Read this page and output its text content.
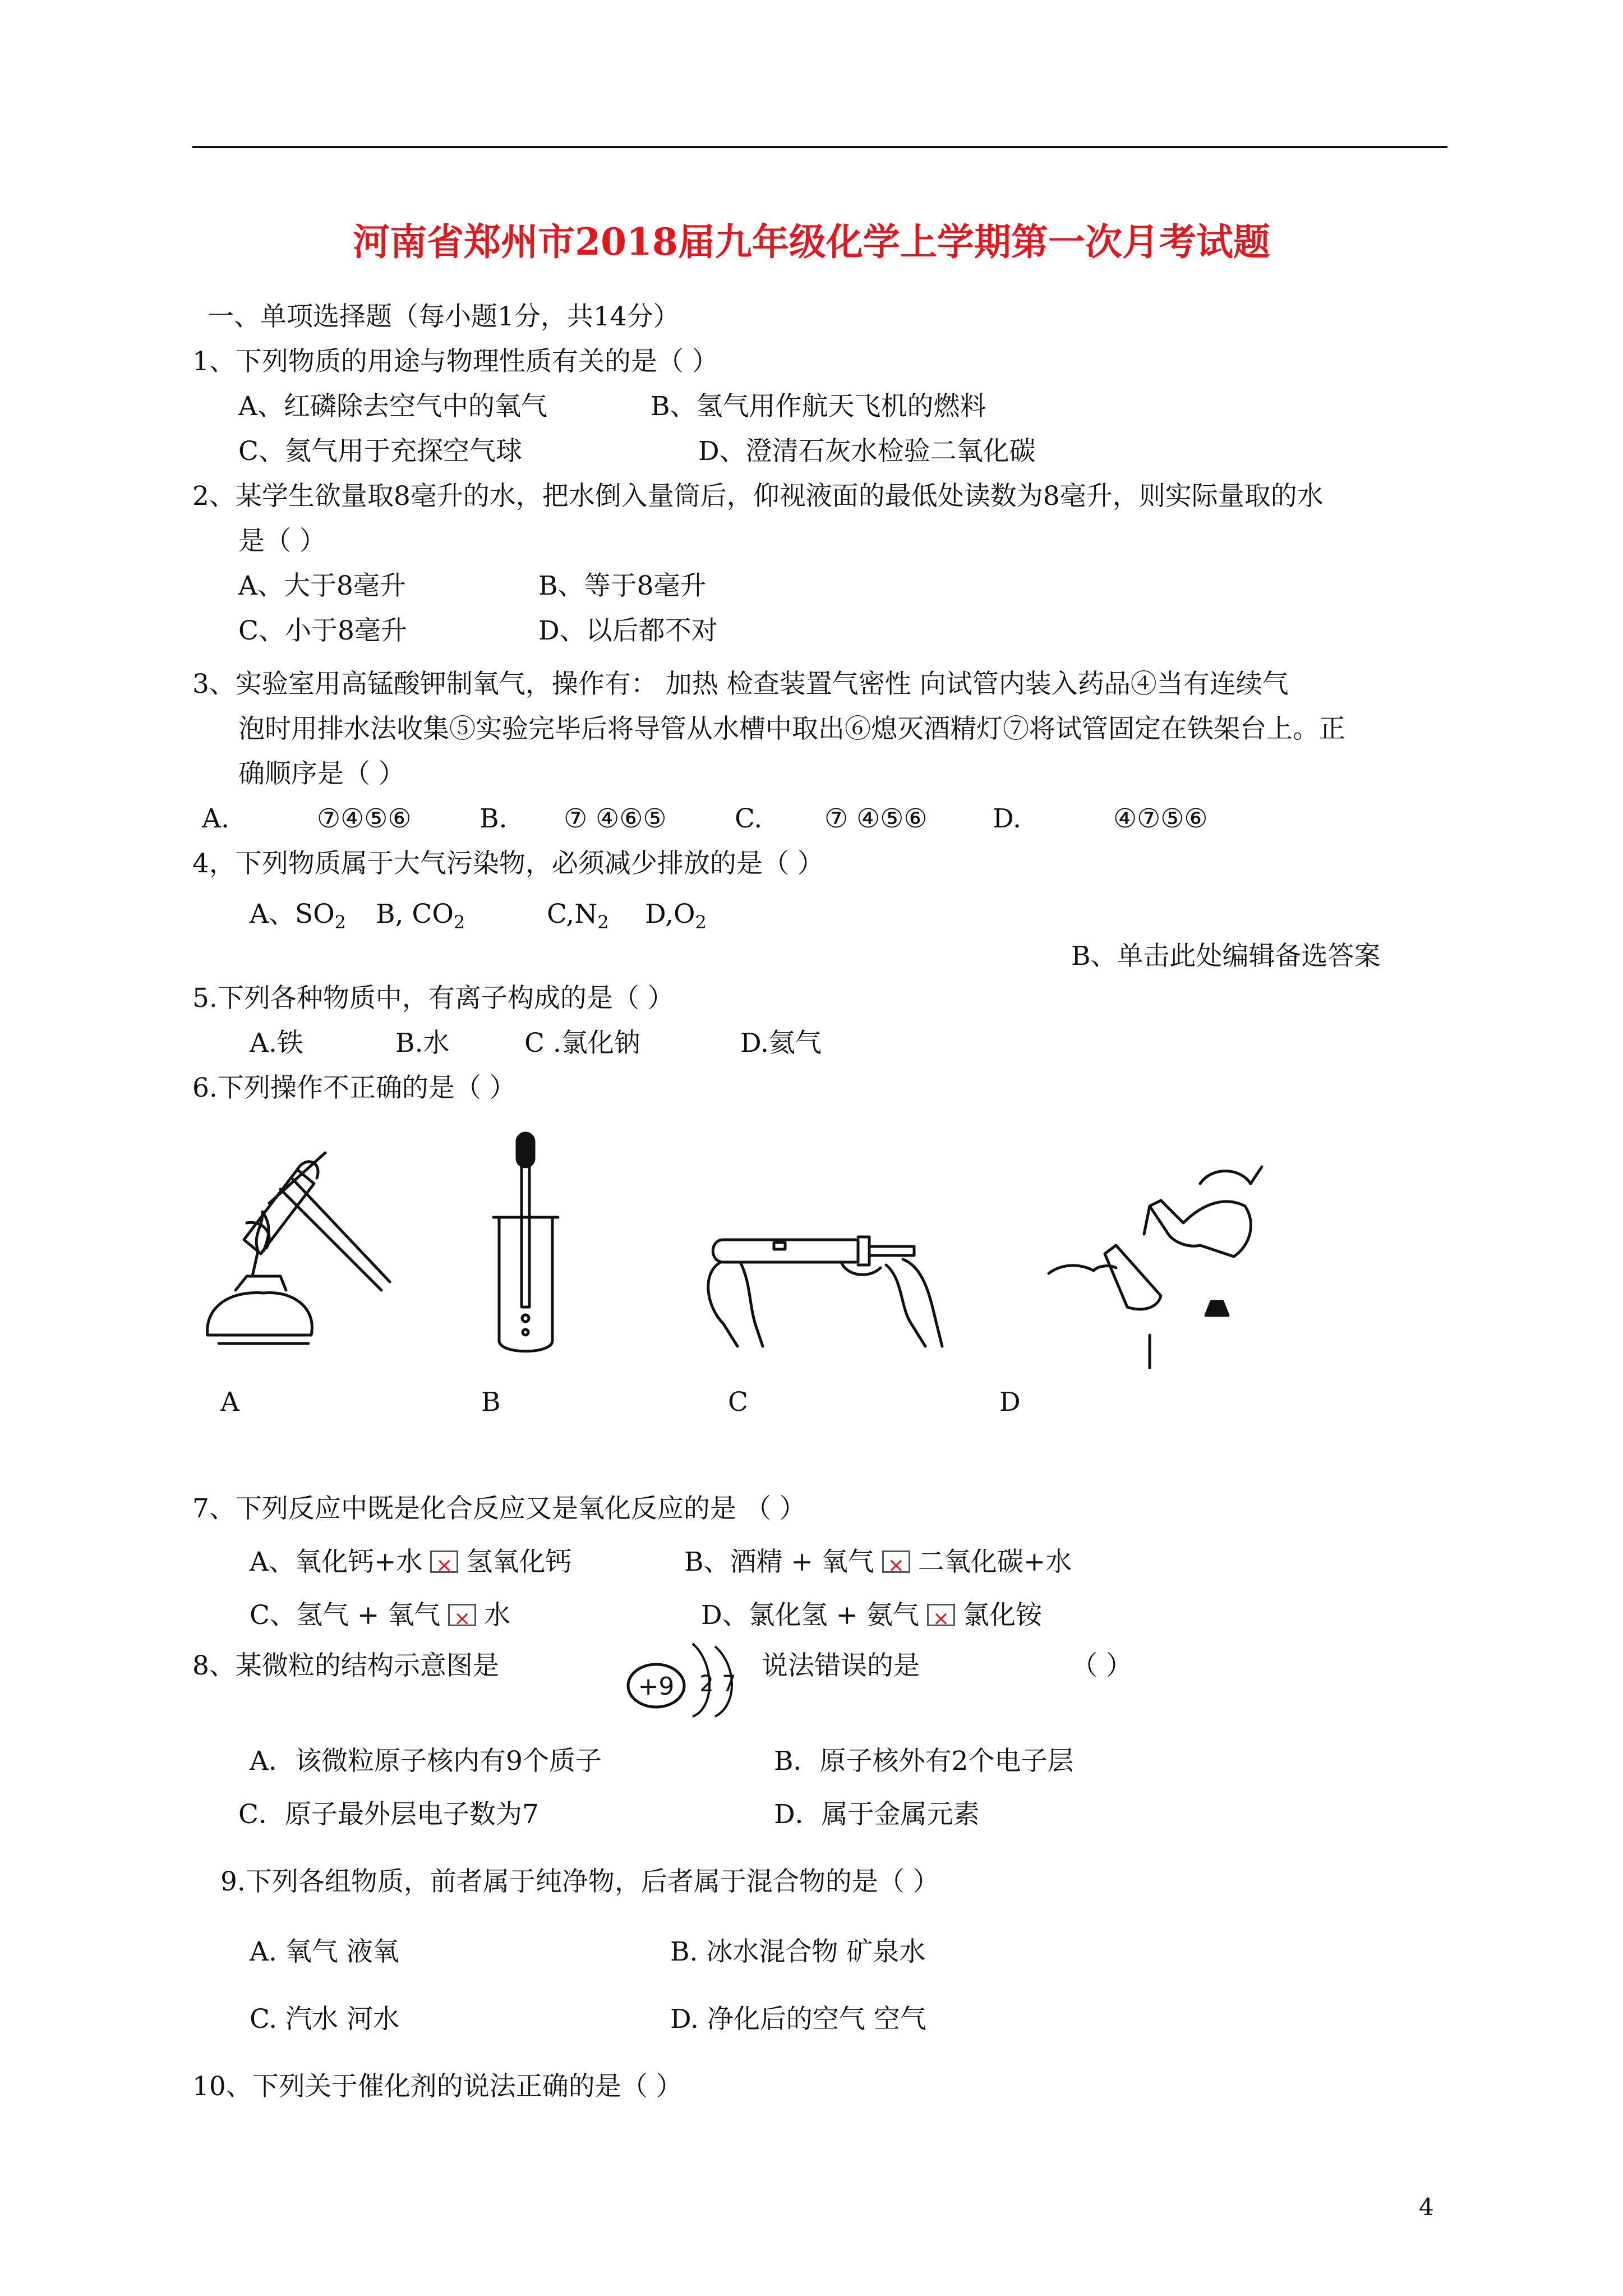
河南省郑州市2018届九年级化学上学期第一次月考试题
一、单项选择题（每小题1分，共14分）
1、下列物质的用途与物理性质有关的是（ ）
A、红磷除去空气中的氧气	B、氢气用作航天飞机的燃料
C、氦气用于充探空气球	D、澄清石灰水检验二氧化碳
2、某学生欲量取8毫升的水，把水倒入量筒后，仰视液面的最低处读数为8毫升，则实际量取的水
是（ ）
A、大于8毫升	B、等于8毫升
C、小于8毫升	D、以后都不对
3、实验室用高锰酸钾制氧气，操作有： 加热 检查装置气密性 向试管内装入药品④当有连续气
泡时用排水法收集⑤实验完毕后将导管从水槽中取出⑥熄灭酒精灯⑦将试管固定在铁架台上。正
确顺序是（ ）
A.	⑦④⑤⑥	B. ⑦ ④⑥⑤	C. ⑦ ④⑤⑥ D.	④⑦⑤⑥
4，下列物质属于大气污染物，必须减少排放的是（ ）
A、$SO_2$ B, $CO_2$	$C,N_2$ $D,O_2$
B、单击此处编辑备选答案
5.下列各种物质中，有离子构成的是（ ）
A.铁	B.水	C .氯化钠	D.氦气
6.下列操作不正确的是（ ）
A	B	C	D
7、下列反应中既是化合反应又是氧化反应的是 （ ）
A、氧化钙+水 × 氢氧化钙	B、酒精 + 氧气 × 二氧化碳+水
C、氢气 + 氧气 × 水	D、氯化氢 + 氨气 × 氯化铵
8、某微粒的结构示意图是
+9 2 7
说法错误的是	（ ）
A．该微粒原子核内有9个质子	B．原子核外有2个电子层
C．原子最外层电子数为7	D．属于金属元素
9.下列各组物质，前者属于纯净物，后者属于混合物的是（ ）
A. 氧气 液氧	B. 冰水混合物 矿泉水
C. 汽水 河水	D. 净化后的空气 空气
10、下列关于催化剂的说法正确的是（ ）
4
